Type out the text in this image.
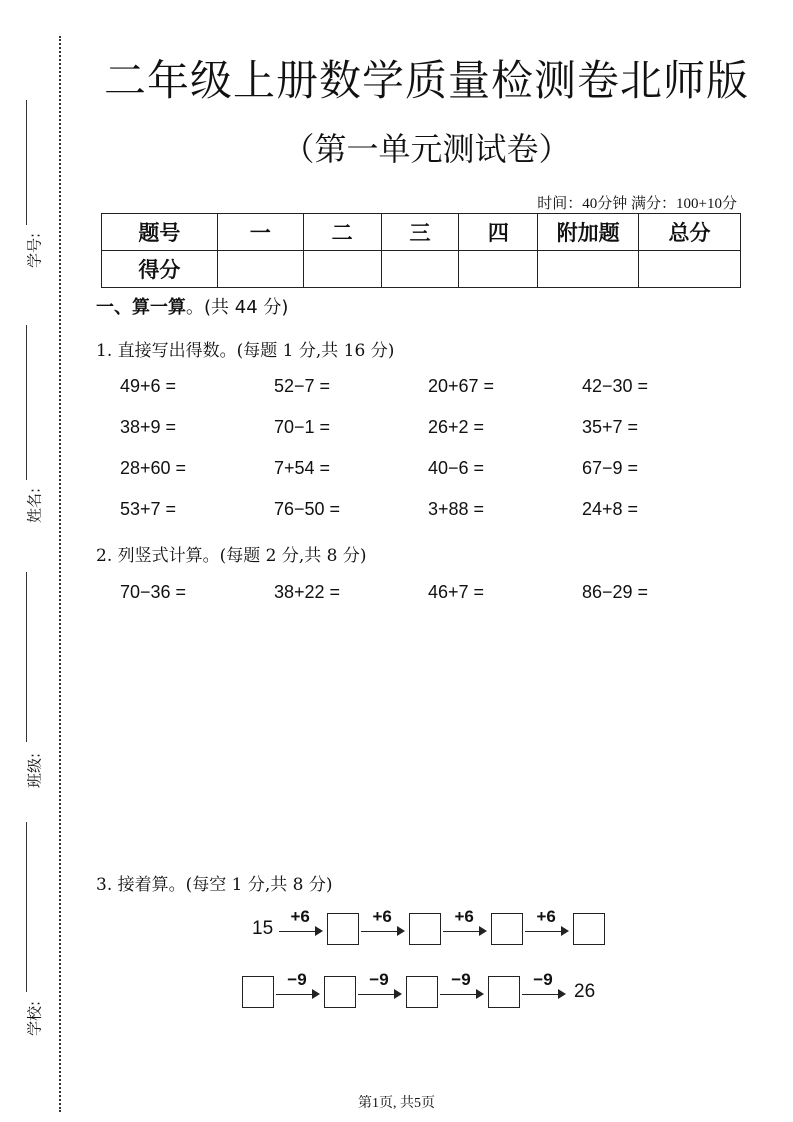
学号:
姓名:
班级:
学校:
二年级上册数学质量检测卷北师版
（第一单元测试卷）
时间：40分钟 满分：100+10分
题号	一	二	三	四	附加题	总分
得分						
一、算一算。(共 44 分)
1. 直接写出得数。(每题 1 分,共 16 分)
49+6 =	52−7 =	20+67 =	42−30 =
38+9 =	70−1 =	26+2 =	35+7 =
28+60 =	7+54 =	40−6 =	67−9 =
53+7 =	76−50 =	3+88 =	24+8 =
2. 列竖式计算。(每题 2 分,共 8 分)
70−36 =	38+22 =	46+7 =	86−29 =
3. 接着算。(每空 1 分,共 8 分)
15
+6	+6	+6	+6
−9	−9	−9	−9
26
第1页, 共5页
